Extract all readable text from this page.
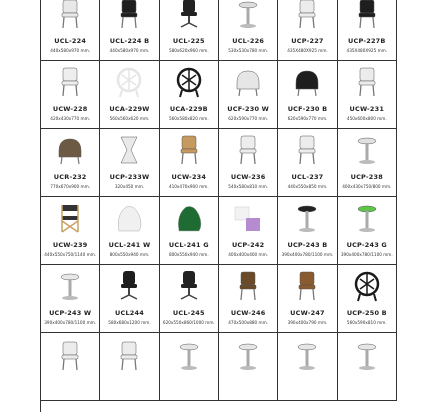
UCL-224
440x580x970 mm.
UCL-224 B
440x580x970 mm.
UCL-225
580x620x960 mm.
UCL-226
530x530x780 mm.
UCP-227
435X480X925 mm.
UCP-227B
435X480X925 mm.
UCW-228
420x430x770 mm.
UCA-229W
560x560x620 mm.
UCA-229B
560x580x820 mm.
UCF-230 W
620x590x770 mm.
UCF-230 B
620x590x770 mm.
UCW-231
450x600x800 mm.
UCR-232
770x670x900 mm.
UCP-233W
320x450 mm.
UCW-234
410x470x900 mm.
UCW-236
540x580x810 mm.
UCL-237
440x550x850 mm.
UCP-238
400x430x750/800 mm.
UCW-239
440x550x750/1140 mm.
UCL-241 W
800x550x940 mm.
UCL-241 G
800x550x940 mm.
UCP-242
400x400x400 mm.
UCP-243 B
390x400x780/1100 mm.
UCP-243 G
390x400x780/1100 mm.
UCP-243 W
390x400x780/1100 mm.
UCL244
580x680x1200 mm.
UCL-245
620x550x860/1000 mm.
UCW-246
470x500x880 mm.
UCW-247
390x400x790 mm.
UCP-250 B
560x590x810 mm.
